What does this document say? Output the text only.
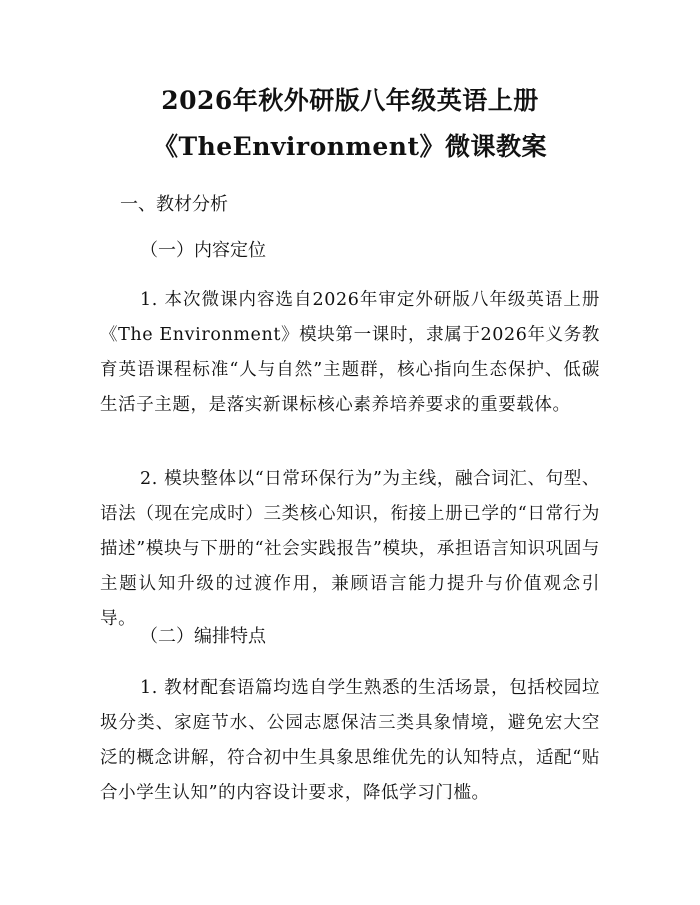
2026年秋外研版八年级英语上册
《TheEnvironment》微课教案
一、教材分析
（一）内容定位
1. 本次微课内容选自2026年审定外研版八年级英语上册《The Environment》模块第一课时，隶属于2026年义务教育英语课程标准“人与自然”主题群，核心指向生态保护、低碳生活子主题，是落实新课标核心素养培养要求的重要载体。
2. 模块整体以“日常环保行为”为主线，融合词汇、句型、语法（现在完成时）三类核心知识，衔接上册已学的“日常行为描述”模块与下册的“社会实践报告”模块，承担语言知识巩固与主题认知升级的过渡作用，兼顾语言能力提升与价值观念引导。
（二）编排特点
1. 教材配套语篇均选自学生熟悉的生活场景，包括校园垃圾分类、家庭节水、公园志愿保洁三类具象情境，避免宏大空泛的概念讲解，符合初中生具象思维优先的认知特点，适配“贴合小学生认知”的内容设计要求，降低学习门槛。
